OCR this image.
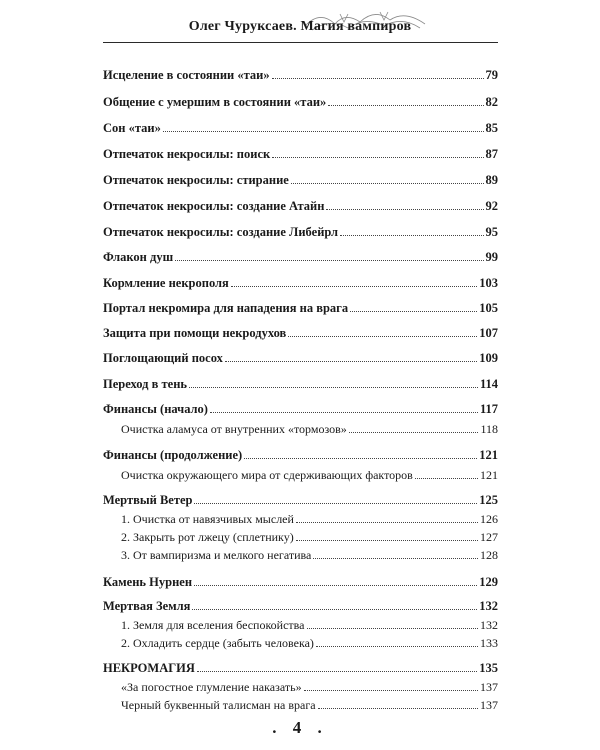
Олег Чуруксаев. Магия вампиров
Исцеление в состоянии «таи»	79
Общение с умершим в состоянии «таи»	82
Сон «таи»	85
Отпечаток некросилы: поиск	87
Отпечаток некросилы: стирание	89
Отпечаток некросилы: создание Атайн	92
Отпечаток некросилы: создание Либейрл	95
Флакон душ	99
Кормление некрополя	103
Портал некромира для нападения на врага	105
Защита при помощи некродухов	107
Поглощающий посох	109
Переход в тень	114
Финансы (начало)	117
Очистка аламуса от внутренних «тормозов»	118
Финансы (продолжение)	121
Очистка окружающего мира от сдерживающих факторов	121
Мертвый Ветер	125
1. Очистка от навязчивых мыслей	126
2. Закрыть рот лжецу (сплетнику)	127
3. От вампиризма и мелкого негатива	128
Камень Нурнен	129
Мертвая Земля	132
1. Земля для вселения беспокойства	132
2. Охладить сердце (забыть человека)	133
НЕКРОМАГИЯ	135
«За погостное глумление наказать»	137
Черный буквенный талисман на врага	137
. 4 .
